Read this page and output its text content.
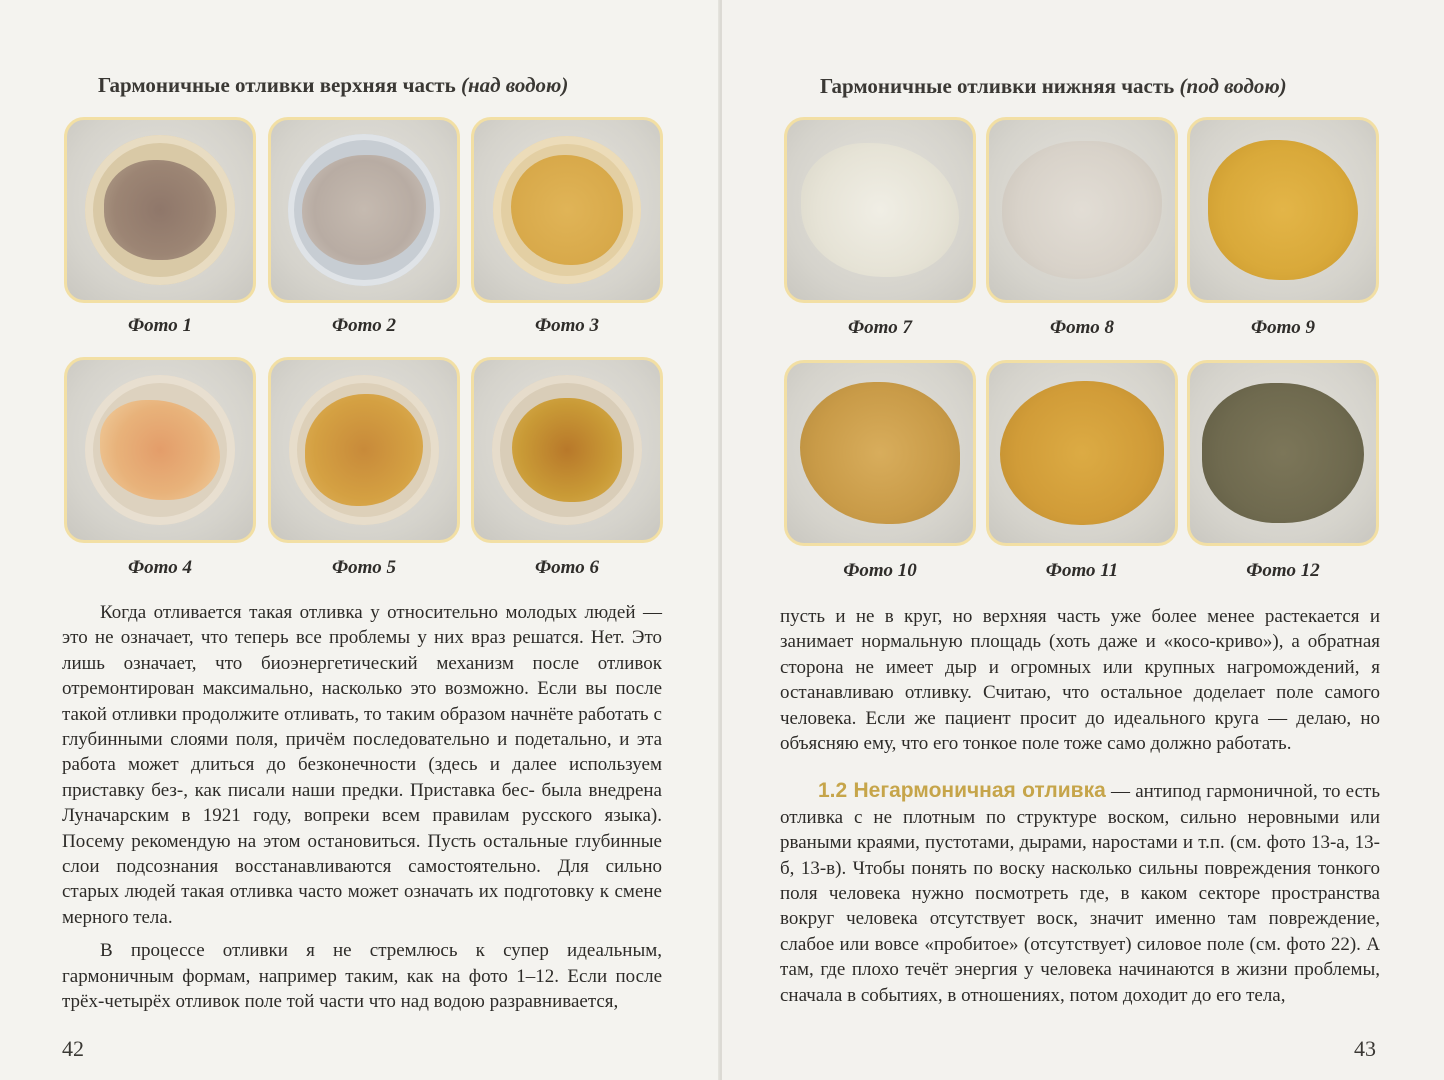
Гармоничные отливки верхняя часть (над водою)
Фото 1	Фото 2	Фото 3
Фото 4	Фото 5	Фото 6

Когда отливается такая отливка у относительно молодых людей — это не означает, что теперь все проблемы у них враз решатся. Нет. Это лишь означает, что биоэнергетический механизм после отливок отремонтирован максимально, насколько это возможно. Если вы после такой отливки продолжите отливать, то таким образом начнёте работать с глубинными слоями поля, причём последовательно и подетально, и эта работа может длиться до безконечности (здесь и далее используем приставку без-, как писали наши предки. Приставка бес- была внедрена Луначарским в 1921 году, вопреки всем правилам русского языка). Посему рекомендую на этом остановиться. Пусть остальные глубинные слои подсознания восстанавливаются самостоятельно. Для сильно старых людей такая отливка часто может означать их подготовку к смене мерного тела.

В процессе отливки я не стремлюсь к супер идеальным, гармоничным формам, например таким, как на фото 1–12. Если после трёх-четырёх отливок поле той части что над водою разравнивается,

42
Гармоничные отливки нижняя часть (под водою)
Фото 7	Фото 8	Фото 9
Фото 10	Фото 11	Фото 12

пусть и не в круг, но верхняя часть уже более менее растекается и занимает нормальную площадь (хоть даже и «косо-криво»), а обратная сторона не имеет дыр и огромных или крупных нагромождений, я останавливаю отливку. Считаю, что остальное доделает поле самого человека. Если же пациент просит до идеального круга — делаю, но объясняю ему, что его тонкое поле тоже само должно работать.

1.2 Негармоничная отливка — антипод гармоничной, то есть отливка с не плотным по структуре воском, сильно неровными или рваными краями, пустотами, дырами, наростами и т.п. (см. фото 13-а, 13-б, 13-в). Чтобы понять по воску насколько сильны повреждения тонкого поля человека нужно посмотреть где, в каком секторе пространства вокруг человека отсутствует воск, значит именно там повреждение, слабое или вовсе «пробитое» (отсутствует) силовое поле (см. фото 22). А там, где плохо течёт энергия у человека начинаются в жизни проблемы, сначала в событиях, в отношениях, потом доходит до его тела,

43
